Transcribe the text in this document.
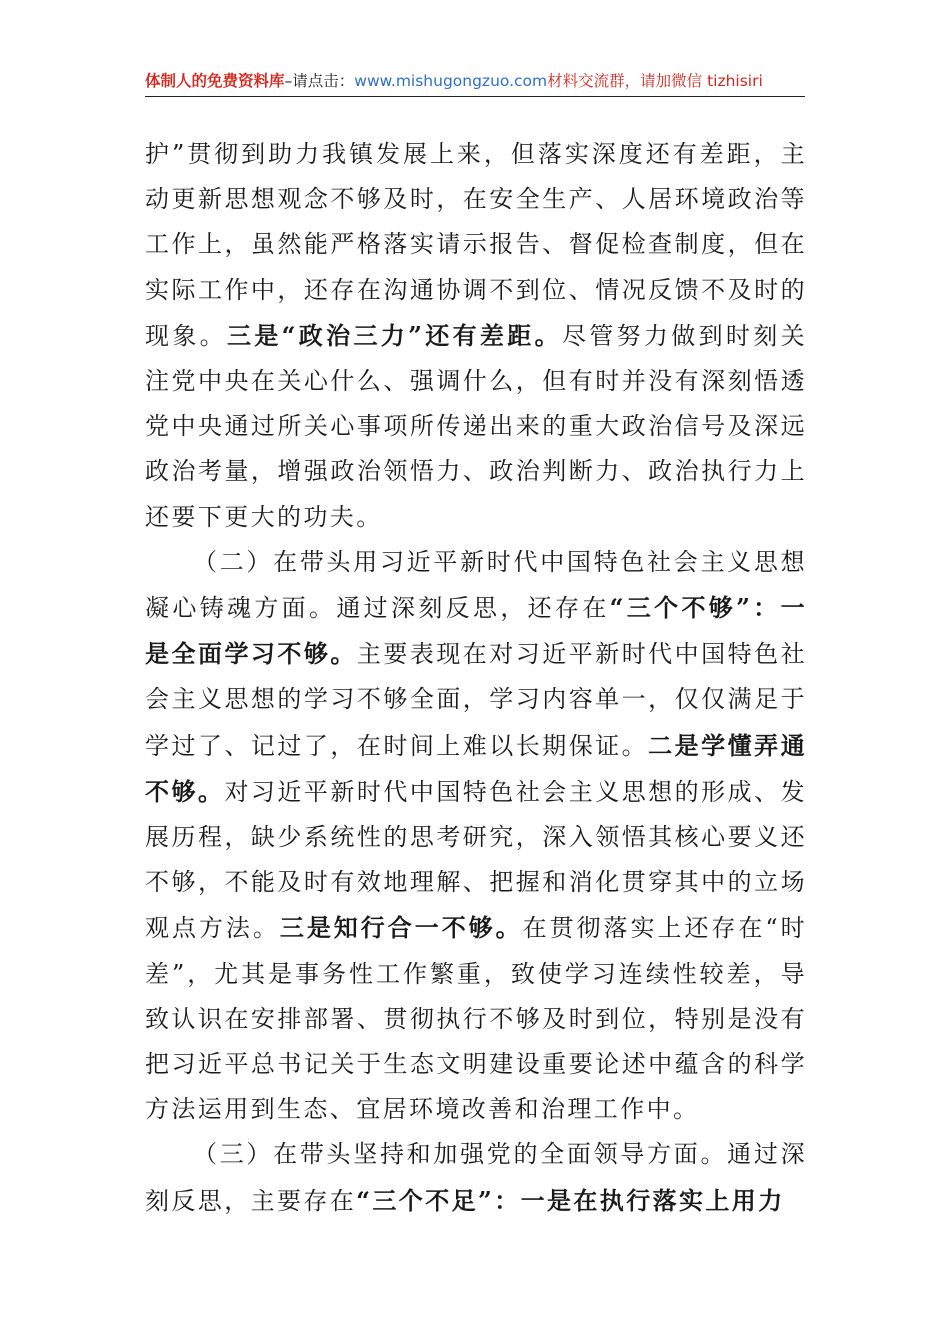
体制人的免费资料库–请点击：www.mishugongzuo.com材料交流群，请加微信 tizhisiri

护”贯彻到助力我镇发展上来，但落实深度还有差距，主动更新思想观念不够及时，在安全生产、人居环境政治等工作上，虽然能严格落实请示报告、督促检查制度，但在实际工作中，还存在沟通协调不到位、情况反馈不及时的现象。三是“政治三力”还有差距。尽管努力做到时刻关注党中央在关心什么、强调什么，但有时并没有深刻悟透党中央通过所关心事项所传递出来的重大政治信号及深远政治考量，增强政治领悟力、政治判断力、政治执行力上还要下更大的功夫。

（二）在带头用习近平新时代中国特色社会主义思想凝心铸魂方面。通过深刻反思，还存在“三个不够”：一是全面学习不够。主要表现在对习近平新时代中国特色社会主义思想的学习不够全面，学习内容单一，仅仅满足于学过了、记过了，在时间上难以长期保证。二是学懂弄通不够。对习近平新时代中国特色社会主义思想的形成、发展历程，缺少系统性的思考研究，深入领悟其核心要义还不够，不能及时有效地理解、把握和消化贯穿其中的立场观点方法。三是知行合一不够。在贯彻落实上还存在“时差”，尤其是事务性工作繁重，致使学习连续性较差，导致认识在安排部署、贯彻执行不够及时到位，特别是没有把习近平总书记关于生态文明建设重要论述中蕴含的科学方法运用到生态、宜居环境改善和治理工作中。

（三）在带头坚持和加强党的全面领导方面。通过深刻反思，主要存在“三个不足”：一是在执行落实上用力
